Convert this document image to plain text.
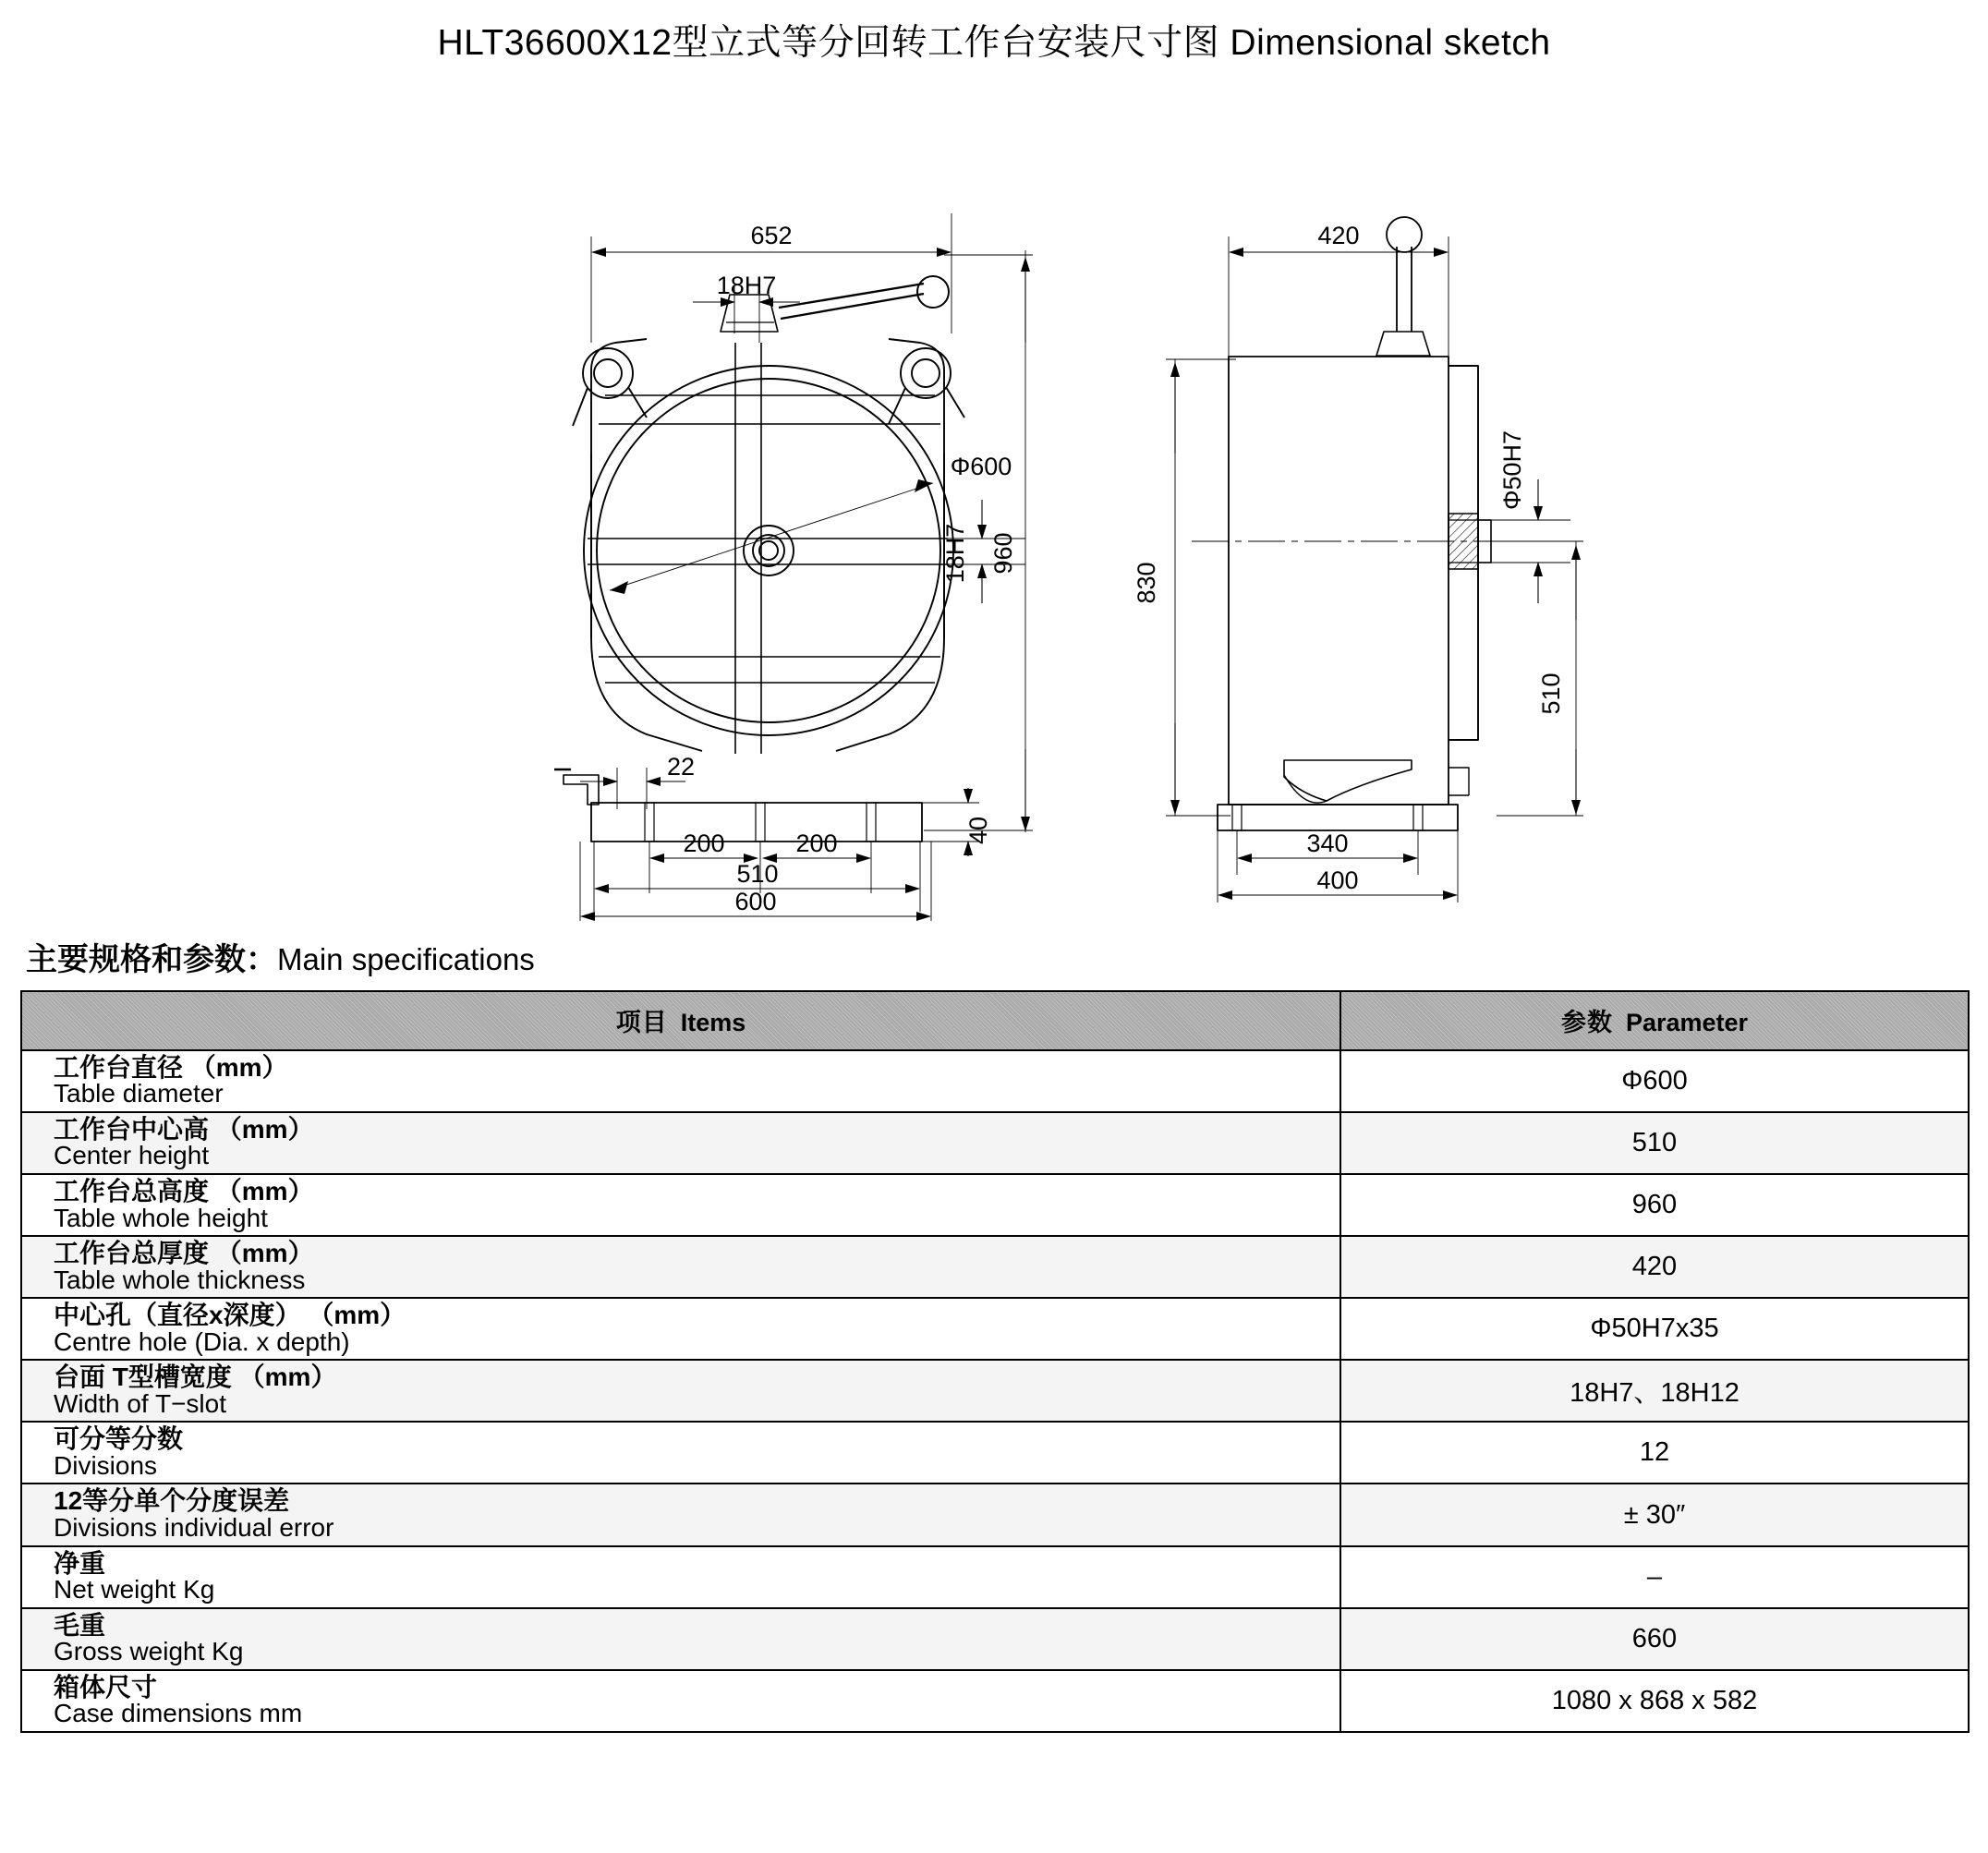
HLT36600X12型立式等分回转工作台安装尺寸图 Dimensional sketch
652
18H7
Φ600
18H7 960
22
40
200	200
510
600
420
Φ50H7
830
510
340
400
主要规格和参数：Main specifications
项目 Items	参数 Parameter

工作台直径 （mm）
Table diameter	Φ600

工作台中心高 （mm）
Center height	510

工作台总高度 （mm）
Table whole height	960

工作台总厚度 （mm）
Table whole thickness	420

中心孔（直径x深度） （mm）
Centre hole (Dia. x depth)	Φ50H7x35

台面 T型槽宽度 （mm）
Width of T−slot	18H7、18H12

可分等分数
Divisions	12

12等分单个分度误差
Divisions individual error	± 30″

净重
Net weight Kg	–

毛重
Gross weight Kg	660

箱体尺寸
Case dimensions mm	1080 x 868 x 582
